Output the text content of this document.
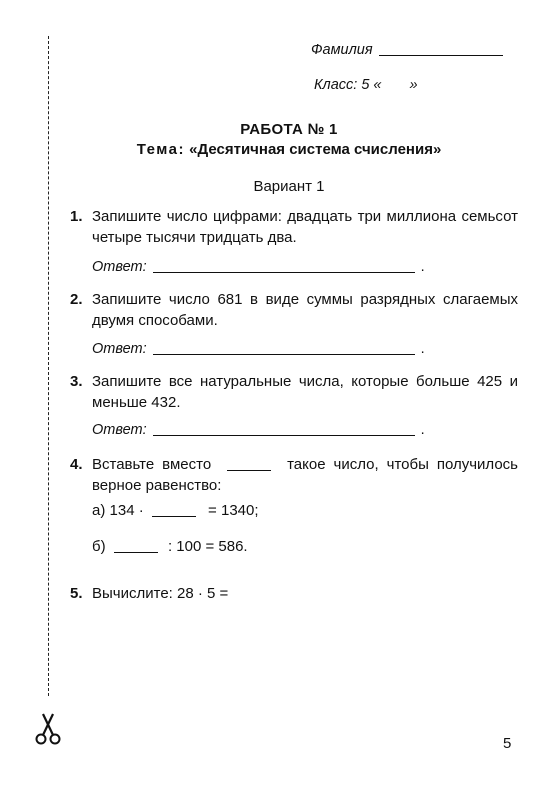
Фамилия
Класс: 5 « »
РАБОТА № 1
Тема: «Десятичная система счисления»
Вариант 1
1. Запишите число цифрами: двадцать три миллиона семьсот четыре тысячи тридцать два.
Ответ:	.
2. Запишите число 681 в виде суммы разрядных слагаемых двумя способами.
Ответ:	.
3. Запишите все натуральные числа, которые больше 425 и меньше 432.
Ответ:	.
4. Вставьте вместо	такое число, чтобы получилось верное равенство:
а) 134 ·	= 1340;
б)	: 100 = 586.
5. Вычислите: 28 · 5 =
5
